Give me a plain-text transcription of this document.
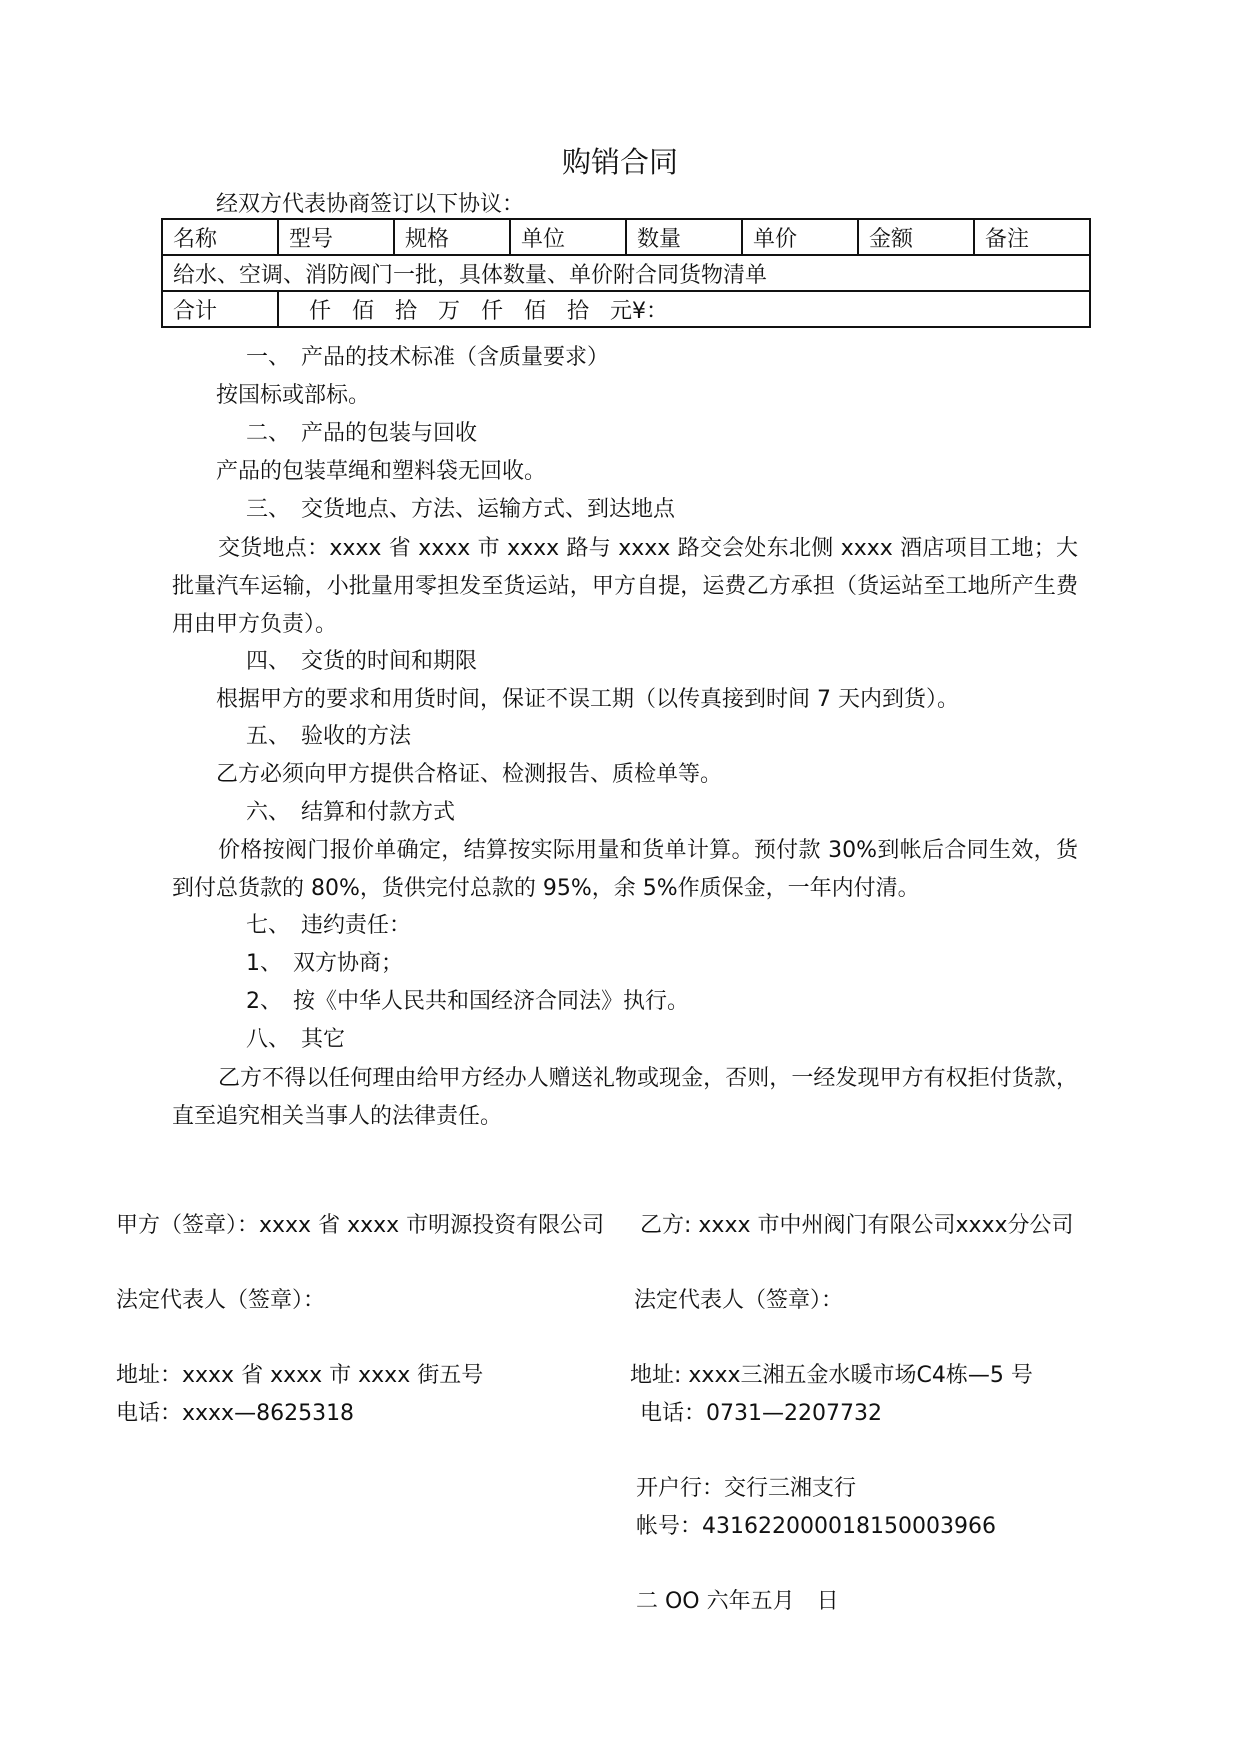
购销合同
经双方代表协商签订以下协议：
名称	型号	规格	单位	数量	单价	金额	备注
给水、空调、消防阀门一批，具体数量、单价附合同货物清单							
合计	仟 佰 拾 万 仟 佰 拾 元¥：						
一、　产品的技术标准（含质量要求）
按国标或部标。
二、　产品的包装与回收
产品的包装草绳和塑料袋无回收。
三、　交货地点、方法、运输方式、到达地点

交货地点：xxxx 省 xxxx 市 xxxx 路与 xxxx 路交会处东北侧 xxxx 酒店项目工地；大批量汽车运输，小批量用零担发至货运站，甲方自提，运费乙方承担（货运站至工地所产生费用由甲方负责）。

四、　交货的时间和期限
根据甲方的要求和用货时间，保证不误工期（以传真接到时间 7 天内到货）。
五、　验收的方法
乙方必须向甲方提供合格证、检测报告、质检单等。
六、　结算和付款方式

价格按阀门报价单确定，结算按实际用量和货单计算。预付款 30%到帐后合同生效，货到付总货款的 80%，货供完付总款的 95%，余 5%作质保金，一年内付清。

七、　违约责任：
1、　双方协商；
2、　按《中华人民共和国经济合同法》执行。
八、　其它

乙方不得以任何理由给甲方经办人赠送礼物或现金，否则，一经发现甲方有权拒付货款，直至追究相关当事人的法律责任。

甲方（签章）：xxxx 省 xxxx 市明源投资有限公司
法定代表人（签章）：
地址：xxxx 省 xxxx 市 xxxx 街五号
电话：xxxx—8625318
乙方: xxxx 市中州阀门有限公司xxxx分公司
法定代表人（签章）：
地址: xxxx三湘五金水暖市场C4栋—5 号
电话：0731—2207732
开户行：交行三湘支行
帐号：431622000018150003966
二 OO 六年五月　日
